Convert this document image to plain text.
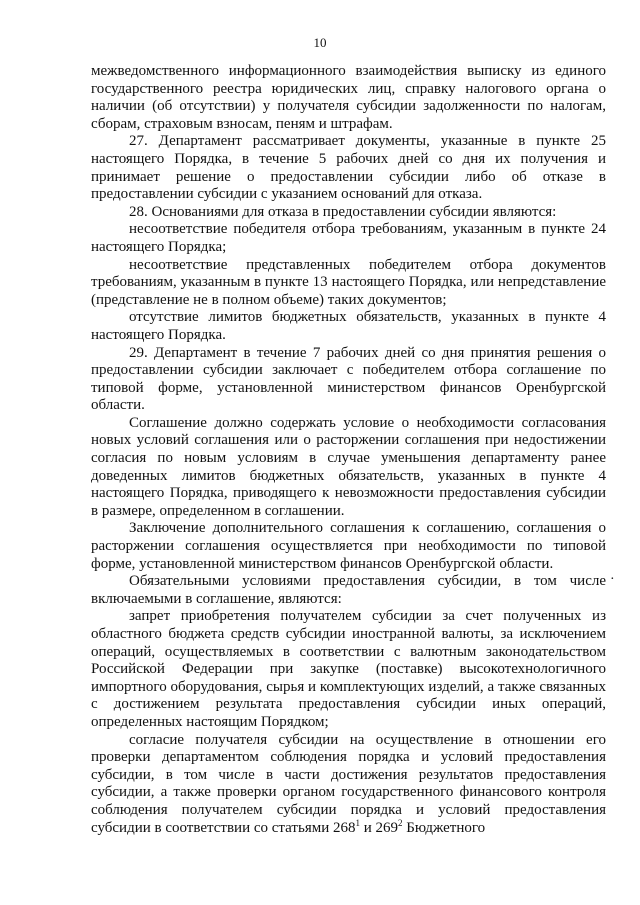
10

межведомственного информационного взаимодействия выписку из единого государственного реестра юридических лиц, справку налогового органа о наличии (об отсутствии) у получателя субсидии задолженности по налогам, сборам, страховым взносам, пеням и штрафам.

27. Департамент рассматривает документы, указанные в пункте 25 настоящего Порядка, в течение 5 рабочих дней со дня их получения и принимает решение о предоставлении субсидии либо об отказе в предоставлении субсидии с указанием оснований для отказа.

28. Основаниями для отказа в предоставлении субсидии являются:

несоответствие победителя отбора требованиям, указанным в пункте 24 настоящего Порядка;

несоответствие представленных победителем отбора документов требованиям, указанным в пункте 13 настоящего Порядка, или непредставление (представление не в полном объеме) таких документов;

отсутствие лимитов бюджетных обязательств, указанных в пункте 4 настоящего Порядка.

29. Департамент в течение 7 рабочих дней со дня принятия решения о предоставлении субсидии заключает с победителем отбора соглашение по типовой форме, установленной министерством финансов Оренбургской области.

Соглашение должно содержать условие о необходимости согласования новых условий соглашения или о расторжении соглашения при недостижении согласия по новым условиям в случае уменьшения департаменту ранее доведенных лимитов бюджетных обязательств, указанных в пункте 4 настоящего Порядка, приводящего к невозможности предоставления субсидии в размере, определенном в соглашении.

Заключение дополнительного соглашения к соглашению, соглашения о расторжении соглашения осуществляется при необходимости по типовой форме, установленной министерством финансов Оренбургской области.

Обязательными условиями предоставления субсидии, в том числе включаемыми в соглашение, являются:

запрет приобретения получателем субсидии за счет полученных из областного бюджета средств субсидии иностранной валюты, за исключением операций, осуществляемых в соответствии с валютным законодательством Российской Федерации при закупке (поставке) высокотехнологичного импортного оборудования, сырья и комплектующих изделий, а также связанных с достижением результата предоставления субсидии иных операций, определенных настоящим Порядком;

согласие получателя субсидии на осуществление в отношении его проверки департаментом соблюдения порядка и условий предоставления субсидии, в том числе в части достижения результатов предоставления субсидии, а также проверки органом государственного финансового контроля соблюдения получателем субсидии порядка и условий предоставления субсидии в соответствии со статьями $268^1$ и $269^2$ Бюджетного

·
